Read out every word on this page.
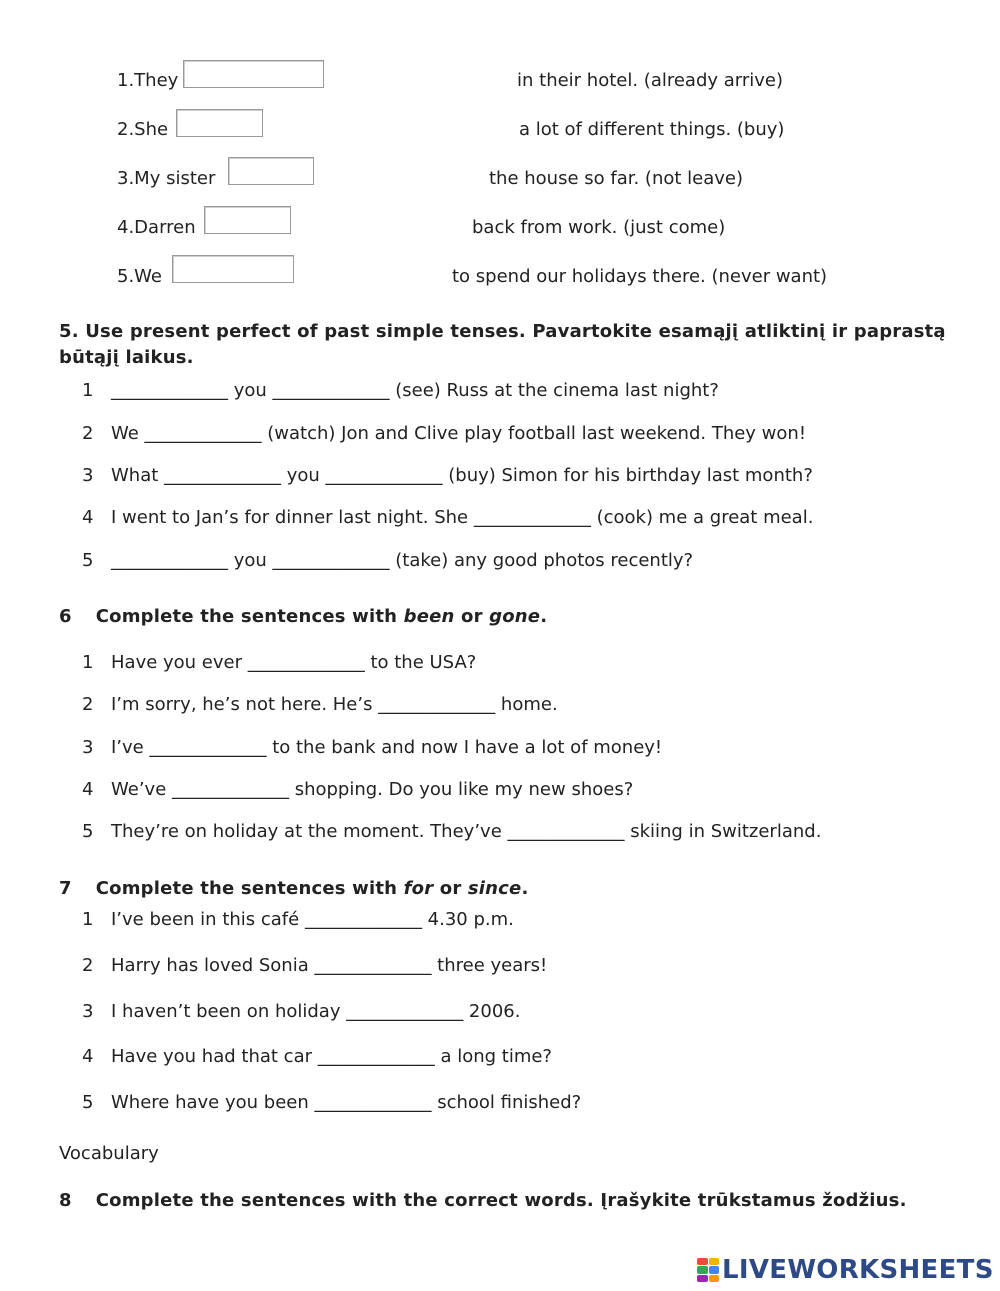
1.They	in their hotel. (already arrive)
2.She	a lot of different things. (buy)
3.My sister	the house so far. (not leave)
4.Darren	back from work. (just come)
5.We	to spend our holidays there. (never want)
5. Use present perfect of past simple tenses. Pavartokite esamąjį atliktinį ir paprastą
būtąjį laikus.
1 _____________ you _____________ (see) Russ at the cinema last night?
2 We _____________ (watch) Jon and Clive play football last weekend. They won!
3 What _____________ you _____________ (buy) Simon for his birthday last month?
4 I went to Jan’s for dinner last night. She _____________ (cook) me a great meal.
5 _____________ you _____________ (take) any good photos recently?
6 Complete the sentences with been or gone.
1 Have you ever _____________ to the USA?
2 I’m sorry, he’s not here. He’s _____________ home.
3 I’ve _____________ to the bank and now I have a lot of money!
4 We’ve _____________ shopping. Do you like my new shoes?
5 They’re on holiday at the moment. They’ve _____________ skiing in Switzerland.
7 Complete the sentences with for or since.
1 I’ve been in this café _____________ 4.30 p.m.
2 Harry has loved Sonia _____________ three years!
3 I haven’t been on holiday _____________ 2006.
4 Have you had that car _____________ a long time?
5 Where have you been _____________ school finished?
Vocabulary
8 Complete the sentences with the correct words. Įrašykite trūkstamus žodžius.
LIVEWORKSHEETS
